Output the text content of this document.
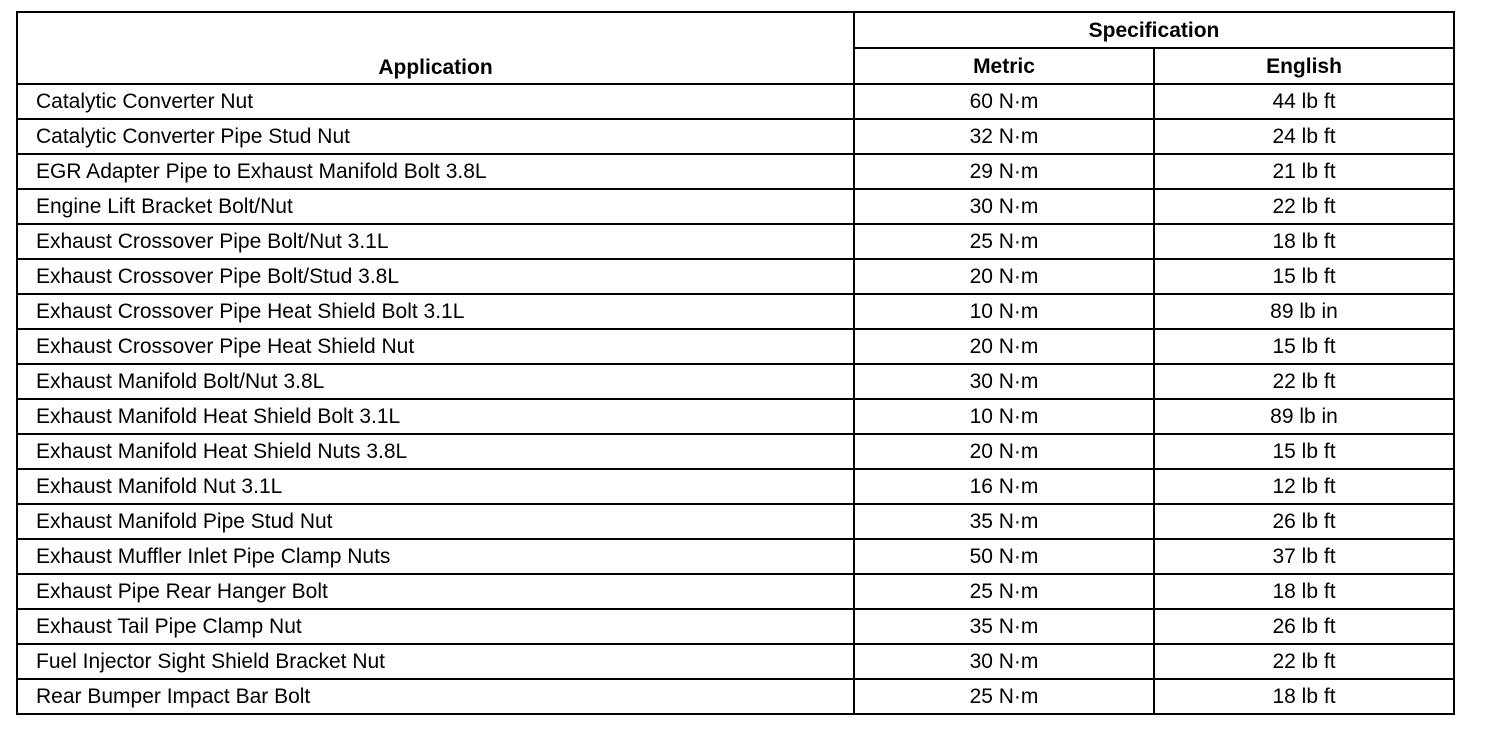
Application	Specification	
	Metric	English
Catalytic Converter Nut	60 N·m	44 lb ft
Catalytic Converter Pipe Stud Nut	32 N·m	24 lb ft
EGR Adapter Pipe to Exhaust Manifold Bolt 3.8L	29 N·m	21 lb ft
Engine Lift Bracket Bolt/Nut	30 N·m	22 lb ft
Exhaust Crossover Pipe Bolt/Nut 3.1L	25 N·m	18 lb ft
Exhaust Crossover Pipe Bolt/Stud 3.8L	20 N·m	15 lb ft
Exhaust Crossover Pipe Heat Shield Bolt 3.1L	10 N·m	89 lb in
Exhaust Crossover Pipe Heat Shield Nut	20 N·m	15 lb ft
Exhaust Manifold Bolt/Nut 3.8L	30 N·m	22 lb ft
Exhaust Manifold Heat Shield Bolt 3.1L	10 N·m	89 lb in
Exhaust Manifold Heat Shield Nuts 3.8L	20 N·m	15 lb ft
Exhaust Manifold Nut 3.1L	16 N·m	12 lb ft
Exhaust Manifold Pipe Stud Nut	35 N·m	26 lb ft
Exhaust Muffler Inlet Pipe Clamp Nuts	50 N·m	37 lb ft
Exhaust Pipe Rear Hanger Bolt	25 N·m	18 lb ft
Exhaust Tail Pipe Clamp Nut	35 N·m	26 lb ft
Fuel Injector Sight Shield Bracket Nut	30 N·m	22 lb ft
Rear Bumper Impact Bar Bolt	25 N·m	18 lb ft
